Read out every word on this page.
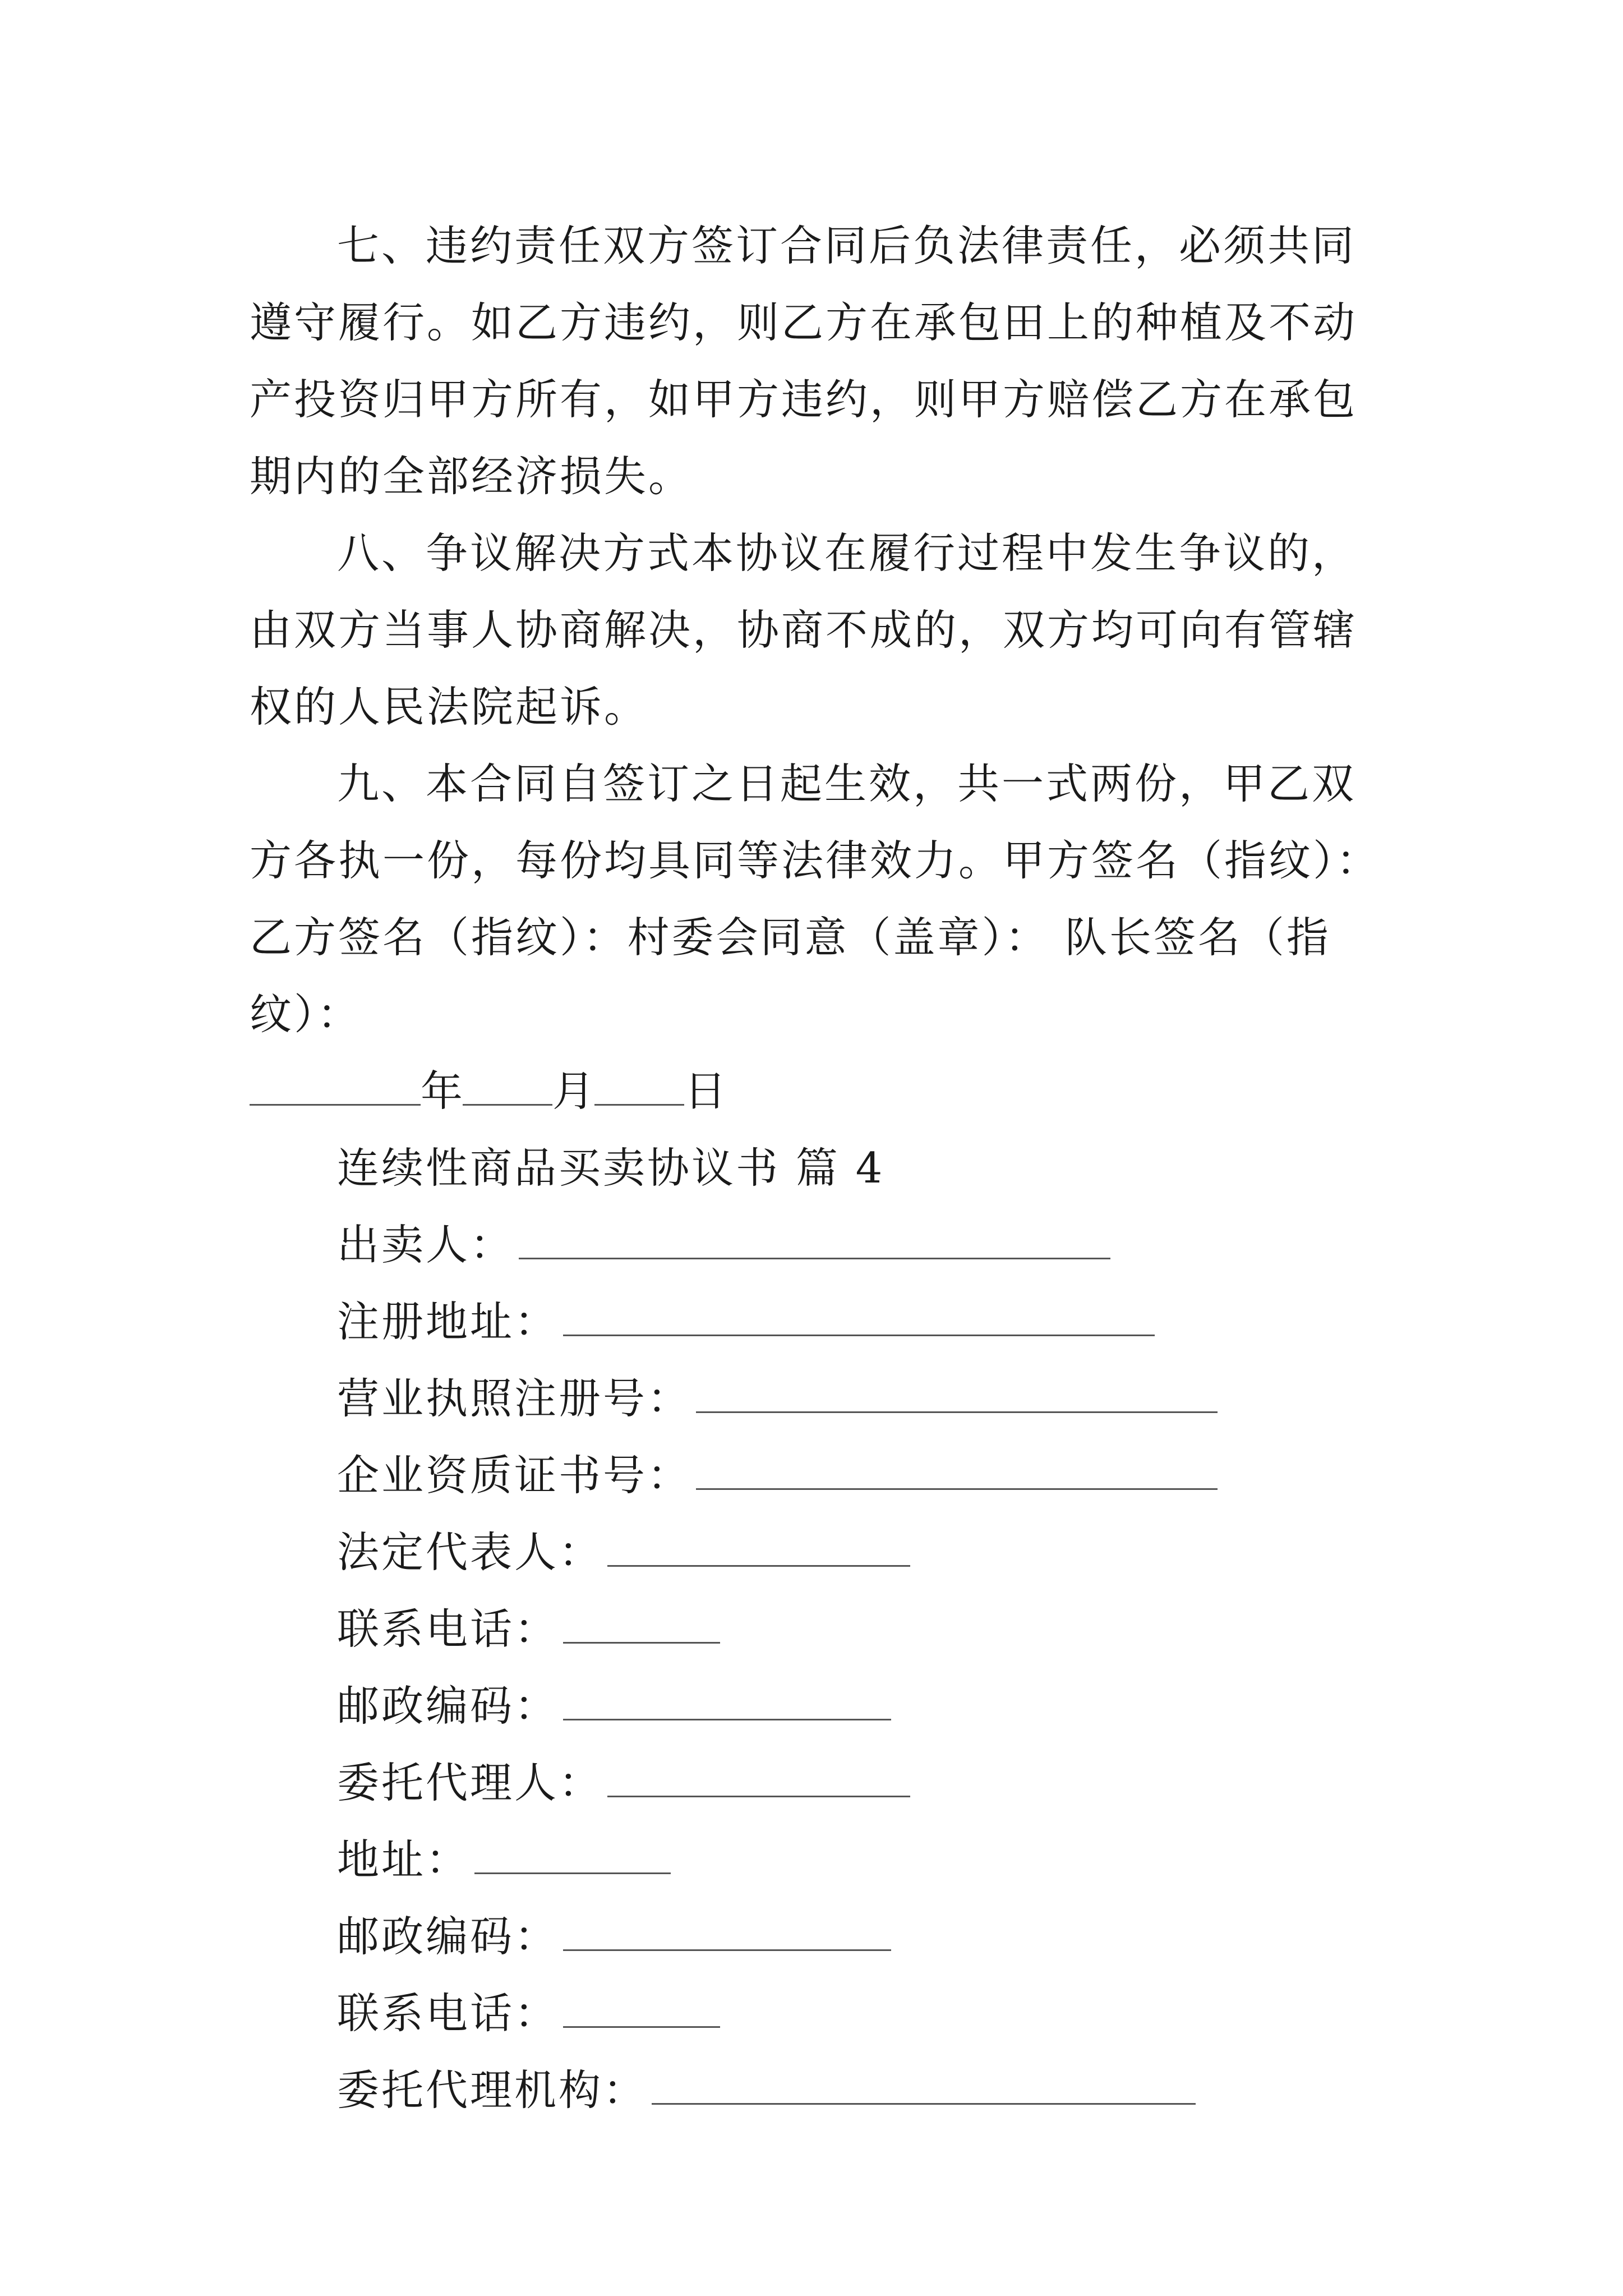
七、违约责任双方签订合同后负法律责任，必须共同遵守履行。如乙方违约，则乙方在承包田上的种植及不动产投资归甲方所有，如甲方违约，则甲方赔偿乙方在承包期内的全部经济损失。

八、争议解决方式本协议在履行过程中发生争议的，由双方当事人协商解决，协商不成的，双方均可向有管辖权的人民法院起诉。

九、本合同自签订之日起生效，共一式两份，甲乙双方各执一份，每份均具同等法律效力。甲方签名（指纹）： 乙方签名（指纹）：村委会同意（盖章）： 队长签名（指纹）：

年 月 日
连续性商品买卖协议书 篇 4
出卖人：
注册地址：
营业执照注册号：
企业资质证书号：
法定代表人：
联系电话：
邮政编码：
委托代理人：
地址：
邮政编码：
联系电话：
委托代理机构：
